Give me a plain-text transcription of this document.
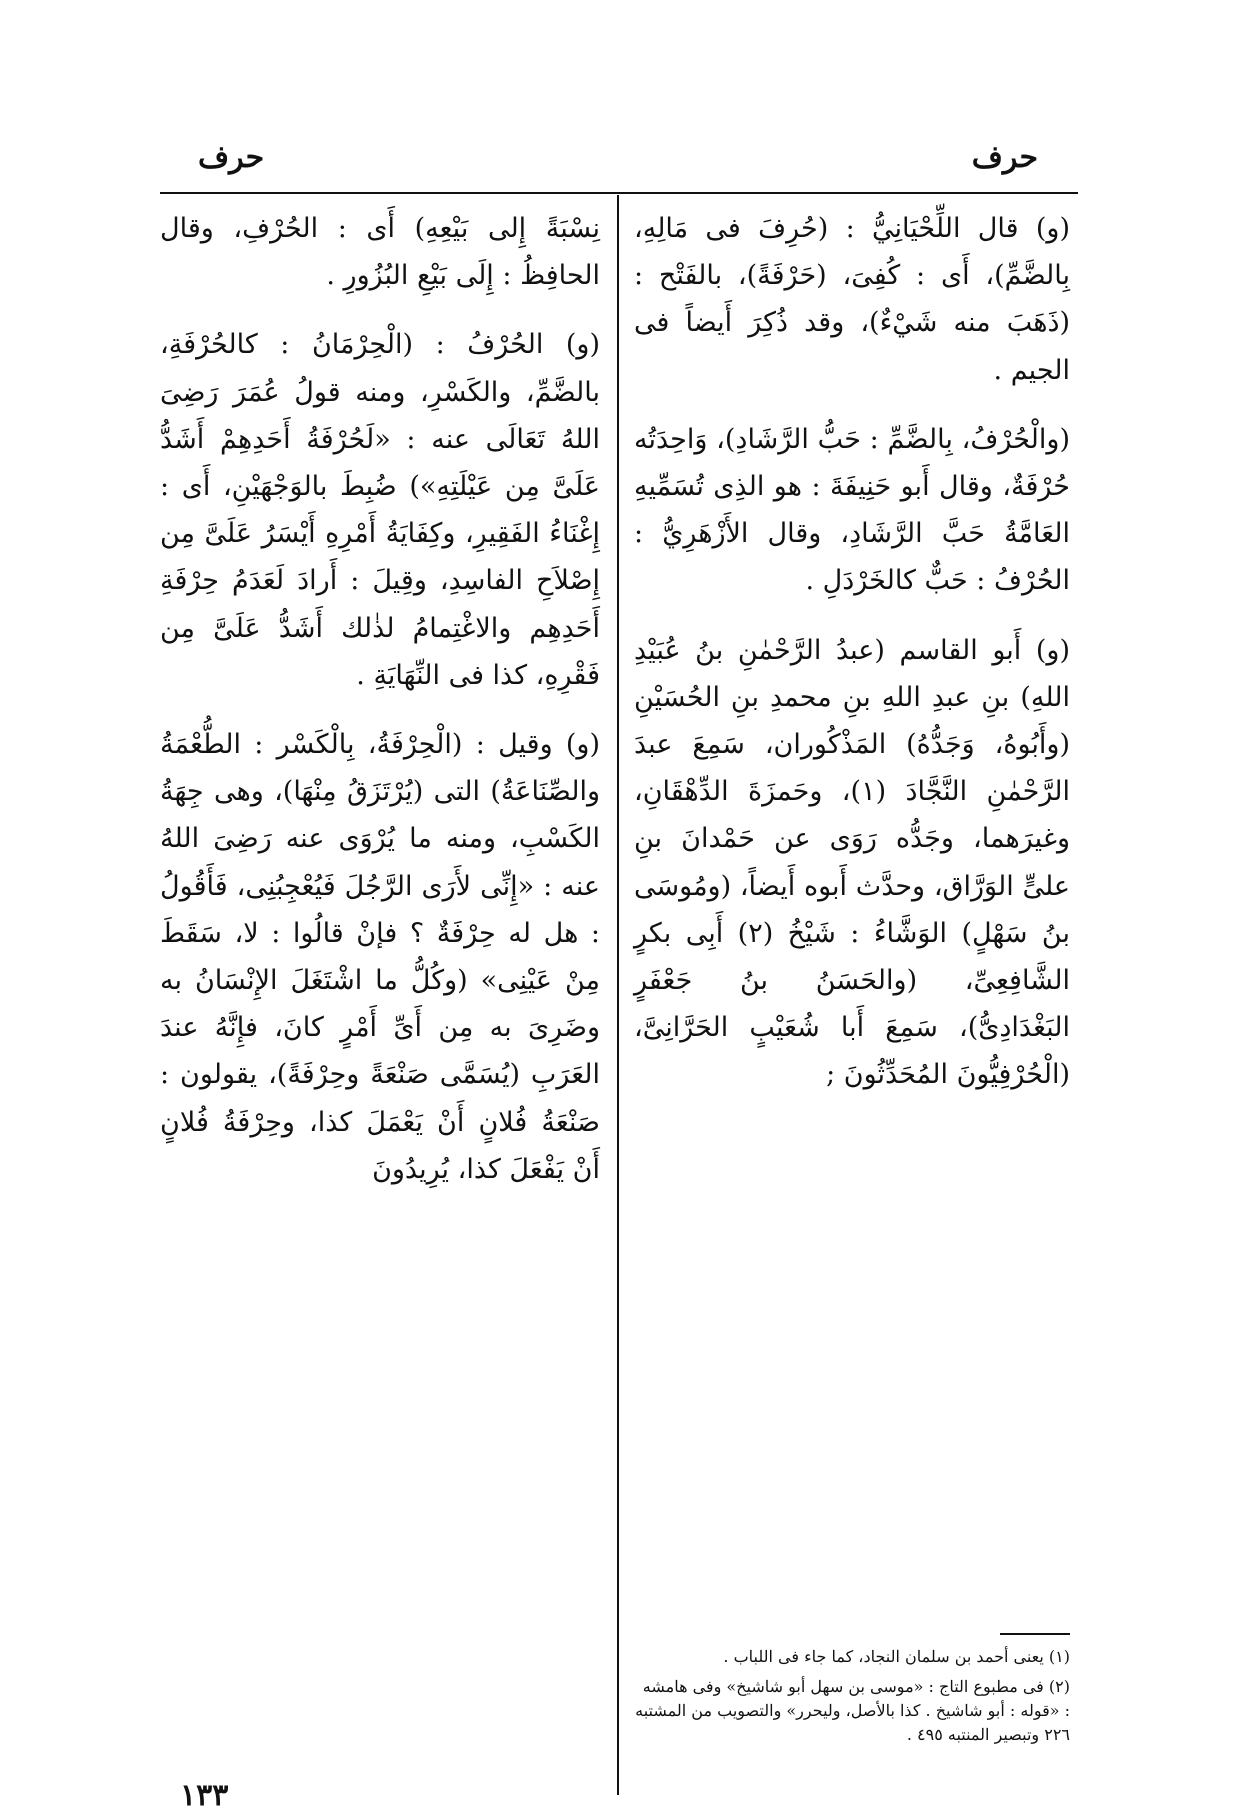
حرف
حرف

(و) قال اللِّحْيَانِيُّ : (حُرِفَ فى مَالِهِ، بِالضَّمِّ)، أَى : كُفِىَ، (حَرْفَةً)، بالفَتْح : (ذَهَبَ منه شَيْءٌ)، وقد ذُكِرَ أَيضاً فى الجيم .

(والْحُرْفُ، بِالضَّمِّ : حَبُّ الرَّشَادِ)، وَاحِدَتُه حُرْفَةٌ، وقال أَبو حَنِيفَةَ : هو الذِى تُسَمِّيهِ العَامَّةُ حَبَّ الرَّشَادِ، وقال الأَزْهَرِيُّ : الحُرْفُ : حَبٌّ كالخَرْدَلِ .

(و) أَبو القاسم (عبدُ الرَّحْمٰنِ بنُ عُبَيْدِ اللهِ) بنِ عبدِ اللهِ بنِ محمدِ بنِ الحُسَيْنِ (وأَبُوهُ، وَجَدُّهُ) المَذْكُوران، سَمِعَ عبدَ الرَّحْمٰنِ النَّجَّادَ (١)، وحَمزَةَ الدِّهْقَانِ، وغيرَهما، وجَدُّه رَوَى عن حَمْدانَ بنِ علىٍّ الوَرَّاق، وحدَّث أَبوه أَيضاً، (ومُوسَى بنُ سَهْلٍ) الوَشَّاءُ : شَيْخُ (٢) أَبِى بكرٍ الشَّافِعِىِّ، (والحَسَنُ بنُ جَعْفَرٍ البَغْدَادِىُّ)، سَمِعَ أَبا شُعَيْبٍ الحَرَّانِىَّ، (الْحُرْفِيُّونَ المُحَدِّثُونَ ;

نِسْبَةً إِلى بَيْعِهِ) أَى : الحُرْفِ، وقال الحافِظُ : إِلَى بَيْعِ البُزُورِ .

(و) الحُرْفُ : (الْحِرْمَانُ : كالحُرْفَةِ، بالضَّمِّ، والكَسْرِ، ومنه قولُ عُمَرَ رَضِىَ اللهُ تَعَالَى عنه : «لَحُرْفَةُ أَحَدِهِمْ أَشَدُّ عَلَىَّ مِن عَيْلَتِهِ») ضُبِطَ بالوَجْهَيْنِ، أَى : إِغْنَاءُ الفَقِيرِ، وكِفَايَةُ أَمْرِهِ أَيْسَرُ عَلَىَّ مِن إِصْلاَحِ الفاسِدِ، وقِيلَ : أَرادَ لَعَدَمُ حِرْفَةِ أَحَدِهِم والاغْتِمامُ لذٰلك أَشَدُّ عَلَىَّ مِن فَقْرِهِ، كذا فى النِّهَايَةِ .

(و) وقيل : (الْحِرْفَةُ، بِالْكَسْر : الطُّعْمَةُ والصِّنَاعَةُ) التى (يُرْتَزَقُ مِنْهَا)، وهى جِهَةُ الكَسْبِ، ومنه ما يُرْوَى عنه رَضِىَ اللهُ عنه : «إِنِّى لأَرَى الرَّجُلَ فَيُعْجِبُنِى، فَأَقُولُ : هل له حِرْفَةٌ ؟ فإنْ قالُوا : لا، سَقَطَ مِنْ عَيْنِى» (وكُلُّ ما اشْتَغَلَ الإِنْسَانُ به وضَرِىَ به مِن أَىِّ أَمْرٍ كانَ، فإِنَّهُ عندَ العَرَبِ (يُسَمَّى صَنْعَةً وحِرْفَةً)، يقولون : صَنْعَةُ فُلانٍ أَنْ يَعْمَلَ كذا، وحِرْفَةُ فُلانٍ أَنْ يَفْعَلَ كذا، يُرِيدُونَ

(١) يعنى أحمد بن سلمان النجاد، كما جاء فى اللباب .

(٢) فى مطبوع التاج : «موسى بن سهل أبو شاشيخ» وفى هامشه : «قوله : أبو شاشيخ . كذا بالأصل، وليحرر» والتصويب من المشتبه ٢٢٦ وتبصير المنتبه ٤٩٥ .

١٣٣
